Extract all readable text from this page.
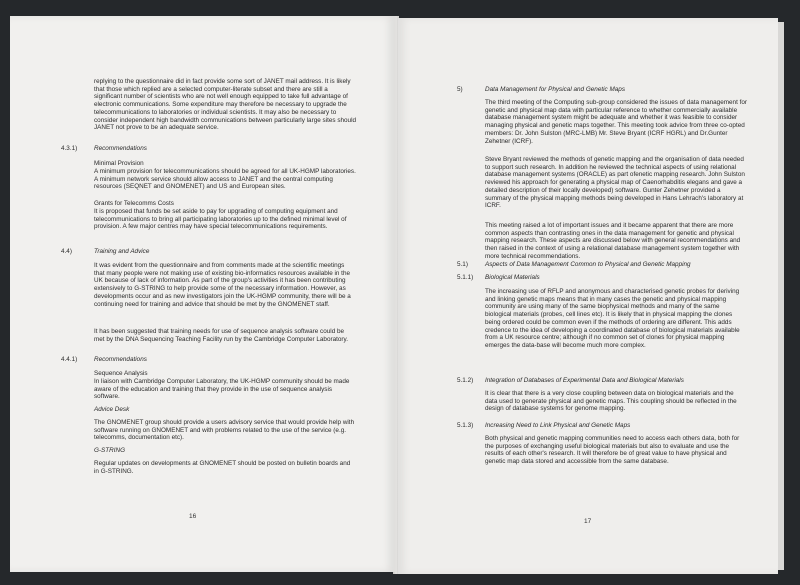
replying to the questionnaire did in fact provide some sort of JANET mail address. It is likely that those which replied are a selected computer-literate subset and there are still a significant number of scientists who are not well enough equipped to take full advantage of electronic communications. Some expenditure may therefore be necessary to upgrade the telecommunications to laboratories or individual scientists. It may also be necessary to consider independent high bandwidth communications between particularly large sites should JANET not prove to be an adequate service.
4.3.1)	Recommendations
Minimal Provision
A minimum provision for telecommunications should be agreed for all UK-HGMP laboratories. A minimum network service should allow access to JANET and the central computing resources (SEQNET and GNOMENET) and US and European sites.
Grants for Telecomms Costs
It is proposed that funds be set aside to pay for upgrading of computing equipment and telecommunications to bring all participating laboratories up to the defined minimal level of provision. A few major centres may have special telecommunications requirements.
4.4)	Training and Advice
It was evident from the questionnaire and from comments made at the scientific meetings that many people were not making use of existing bio-informatics resources available in the UK because of lack of information. As part of the group's activities it has been contributing extensively to G-STRING to help provide some of the necessary information. However, as developments occur and as new investigators join the UK-HGMP community, there will be a continuing need for training and advice that should be met by the GNOMENET staff.
It has been suggested that training needs for use of sequence analysis software could be met by the DNA Sequencing Teaching Facility run by the Cambridge Computer Laboratory.
4.4.1)	Recommendations
Sequence Analysis
In liaison with Cambridge Computer Laboratory, the UK-HGMP community should be made aware of the education and training that they provide in the use of sequence analysis software.
Advice Desk
The GNOMENET group should provide a users advisory service that would provide help with software running on GNOMENET and with problems related to the use of the service (e.g. telecomms, documentation etc).
G-STRING
Regular updates on developments at GNOMENET should be posted on bulletin boards and in G-STRING.
16
5)	Data Management for Physical and Genetic Maps
The third meeting of the Computing sub-group considered the issues of data management for genetic and physical map data with particular reference to whether commercially available database management system might be adequate and whether it was feasible to consider managing physical and genetic maps together. This meeting took advice from three co-opted members: Dr. John Sulston (MRC-LMB) Mr. Steve Bryant (ICRF HGRL) and Dr.Gunter Zehetner (ICRF).
Steve Bryant reviewed the methods of genetic mapping and the organisation of data needed to support such research. In addition he reviewed the technical aspects of using relational database management systems (ORACLE) as part ofenetic mapping research. John Sulston reviewed his approach for generating a physical map of Caenorhabditis elegans and gave a detailed description of their locally developed) software. Gunter Zehetner provided a summary of the physical mapping methods being developed in Hans Lehrach's laboratory at ICRF.
This meeting raised a lot of important issues and it became apparent that there are more common aspects than contrasting ones in the data management for genetic and physical mapping research. These aspects are discussed below with general recommendations and then raised in the context of using a relational database management system together with more technical recommendations.
5.1)	Aspects of Data Management Common to Physical and Genetic Mapping
5.1.1) Biological Materials
The increasing use of RFLP and anonymous and characterised genetic probes for deriving and linking genetic maps means that in many cases the genetic and physical mapping community are using many of the same biophysical methods and many of the same biological materials (probes, cell lines etc). It is likely that in physical mapping the clones being ordered could be common even if the methods of ordering are different. This adds credence to the idea of developing a coordinated database of biological materials available from a UK resource centre; although if no common set of clones for physical mapping emerges the data-base will become much more complex.
5.1.2) Integration of Databases of Experimental Data and Biological Materials
It is clear that there is a very close coupling between data on biological materials and the data used to generate physical and genetic maps. This coupling should be reflected in the design of database systems for genome mapping.
5.1.3) Increasing Need to Link Physical and Genetic Maps
Both physical and genetic mapping communities need to access each others data, both for the purposes of exchanging useful biological materials but also to evaluate and use the results of each other's research. It will therefore be of great value to have physical and genetic map data stored and accessible from the same database.
17
